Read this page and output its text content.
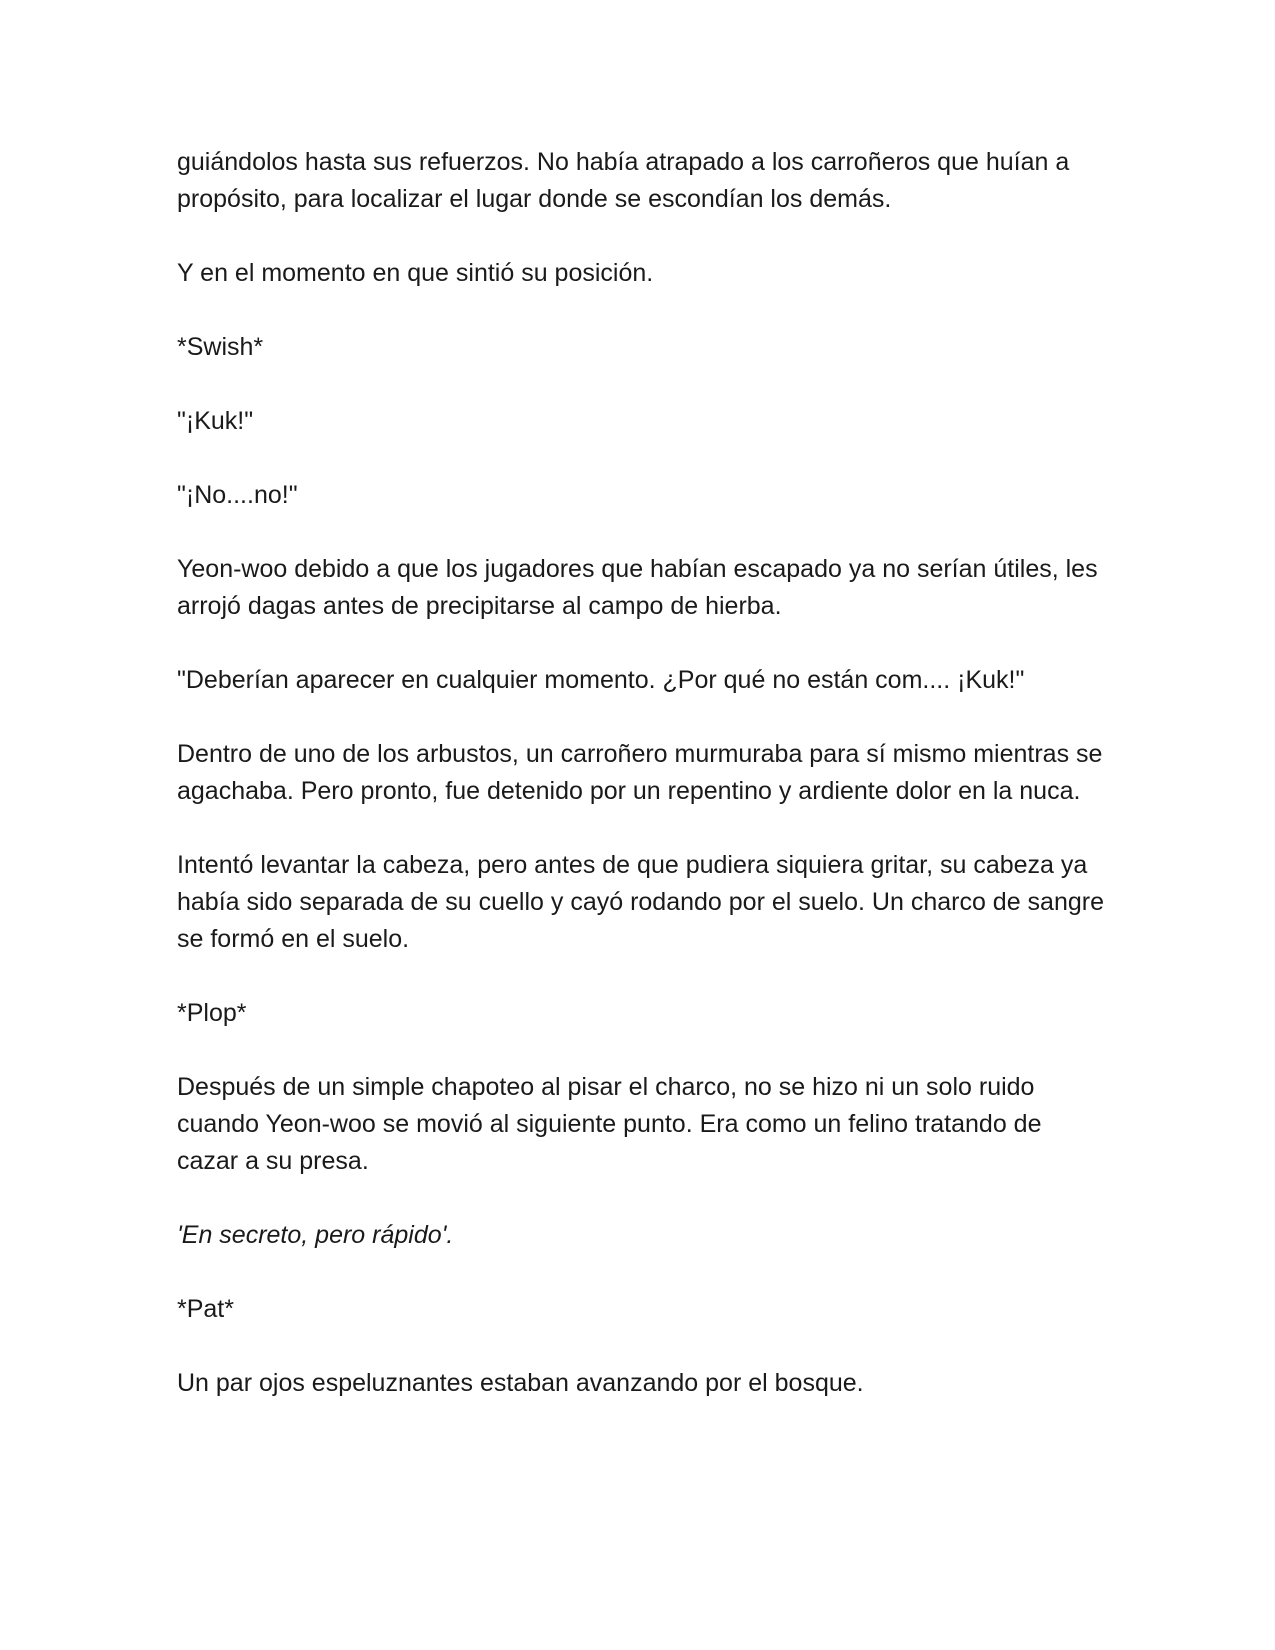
guiándolos hasta sus refuerzos. No había atrapado a los carroñeros que huían a propósito, para localizar el lugar donde se escondían los demás.

Y en el momento en que sintió su posición.

*Swish*

"¡Kuk!"

"¡No....no!"

Yeon-woo debido a que los jugadores que habían escapado ya no serían útiles, les arrojó dagas antes de precipitarse al campo de hierba.

"Deberían aparecer en cualquier momento. ¿Por qué no están com.... ¡Kuk!"

Dentro de uno de los arbustos, un carroñero murmuraba para sí mismo mientras se agachaba. Pero pronto, fue detenido por un repentino y ardiente dolor en la nuca.

Intentó levantar la cabeza, pero antes de que pudiera siquiera gritar, su cabeza ya había sido separada de su cuello y cayó rodando por el suelo. Un charco de sangre se formó en el suelo.

*Plop*

Después de un simple chapoteo al pisar el charco, no se hizo ni un solo ruido cuando Yeon-woo se movió al siguiente punto. Era como un felino tratando de cazar a su presa.

'En secreto, pero rápido'.

*Pat*

Un par ojos espeluznantes estaban avanzando por el bosque.
